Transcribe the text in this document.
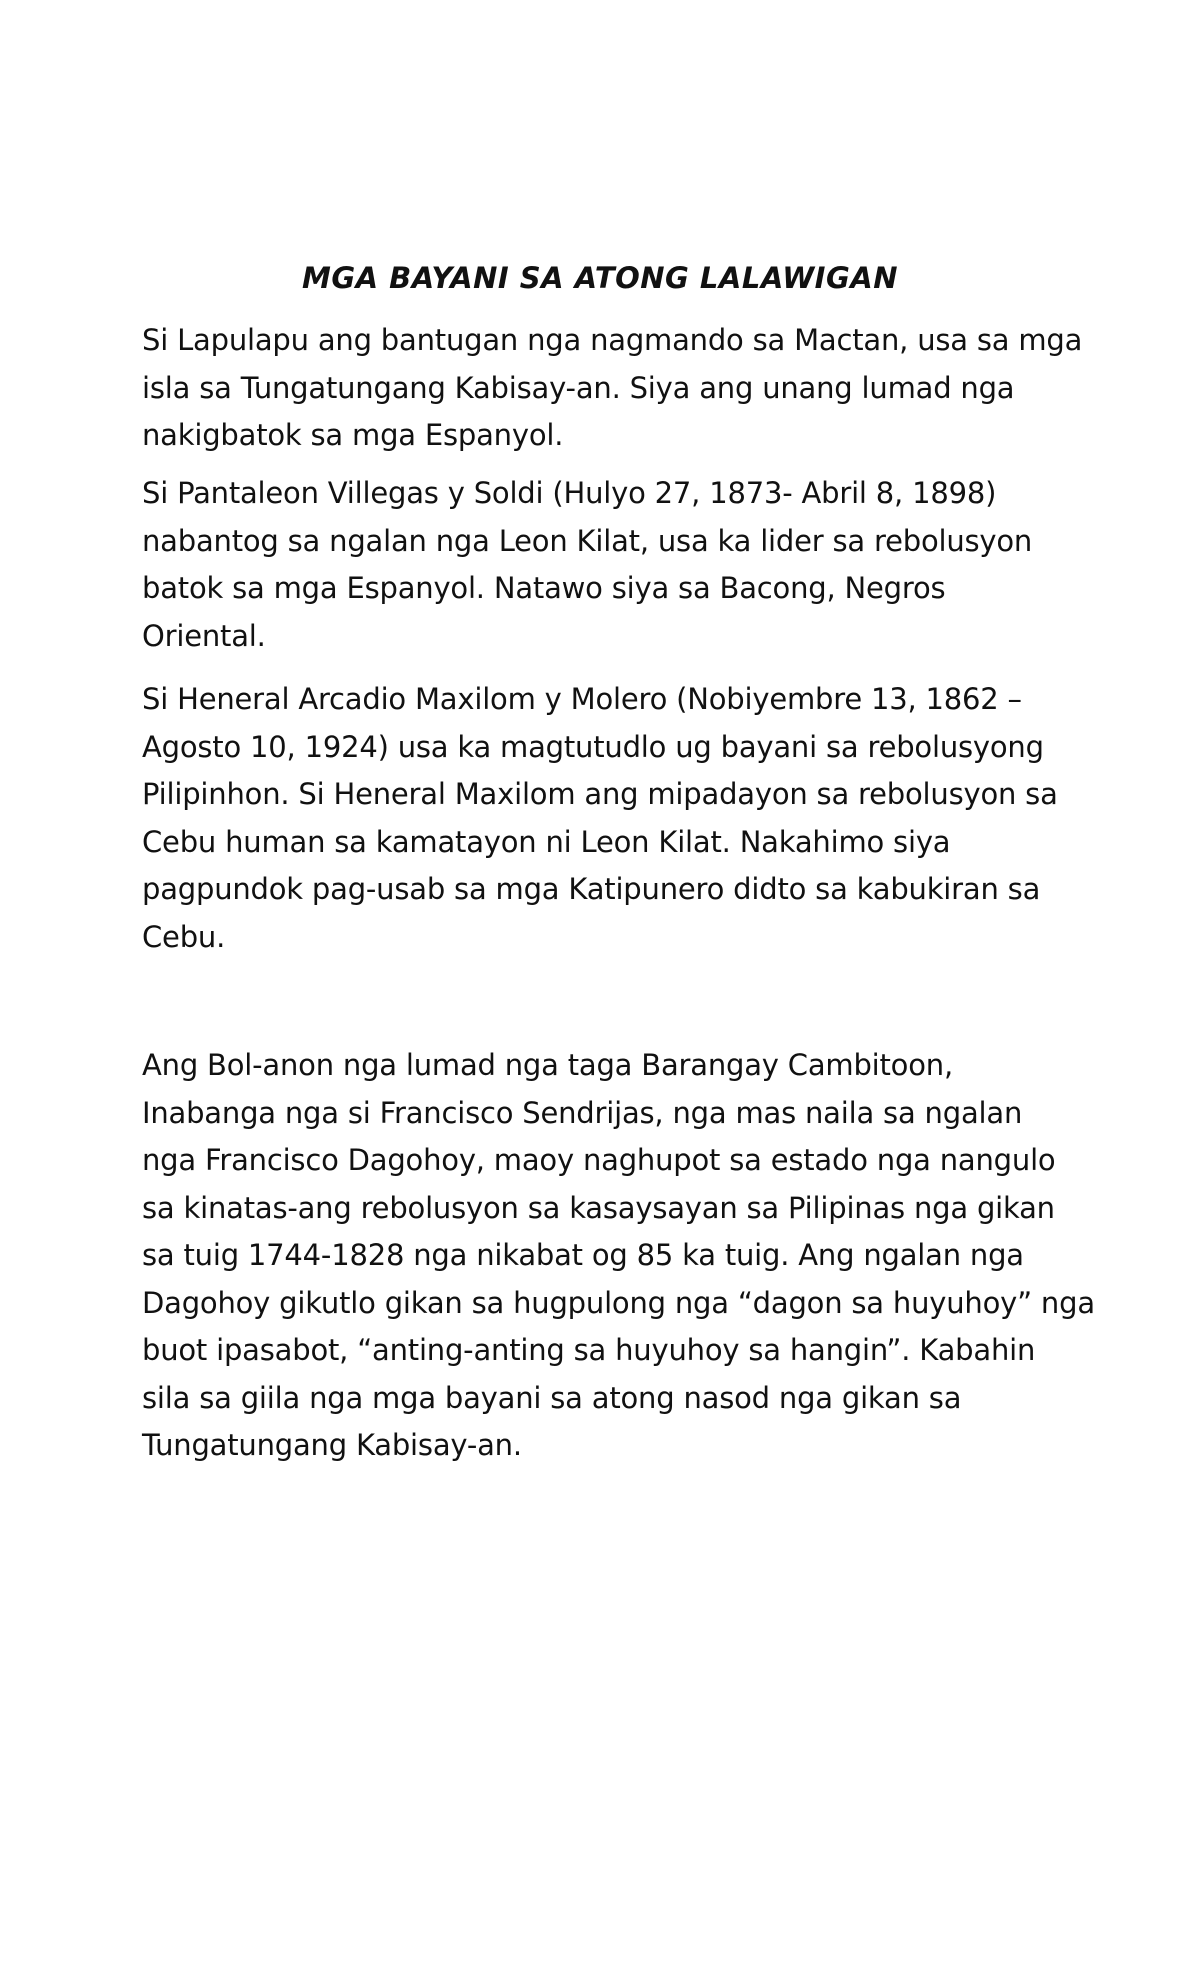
MGA BAYANI SA ATONG LALAWIGAN

Si Lapulapu ang bantugan nga nagmando sa Mactan, usa sa mga
isla sa Tungatungang Kabisay-an. Siya ang unang lumad nga
nakigbatok sa mga Espanyol.

Si Pantaleon Villegas y Soldi (Hulyo 27, 1873- Abril 8, 1898)
nabantog sa ngalan nga Leon Kilat, usa ka lider sa rebolusyon
batok sa mga Espanyol. Natawo siya sa Bacong, Negros
Oriental.

Si Heneral Arcadio Maxilom y Molero (Nobiyembre 13, 1862 –
Agosto 10, 1924) usa ka magtutudlo ug bayani sa rebolusyong
Pilipinhon. Si Heneral Maxilom ang mipadayon sa rebolusyon sa
Cebu human sa kamatayon ni Leon Kilat. Nakahimo siya
pagpundok pag-usab sa mga Katipunero didto sa kabukiran sa
Cebu.

Ang Bol-anon nga lumad nga taga Barangay Cambitoon,
Inabanga nga si Francisco Sendrijas, nga mas naila sa ngalan
nga Francisco Dagohoy, maoy naghupot sa estado nga nangulo
sa kinatas-ang rebolusyon sa kasaysayan sa Pilipinas nga gikan
sa tuig 1744-1828 nga nikabat og 85 ka tuig. Ang ngalan nga
Dagohoy gikutlo gikan sa hugpulong nga “dagon sa huyuhoy” nga
buot ipasabot, “anting-anting sa huyuhoy sa hangin”. Kabahin
sila sa giila nga mga bayani sa atong nasod nga gikan sa
Tungatungang Kabisay-an.
